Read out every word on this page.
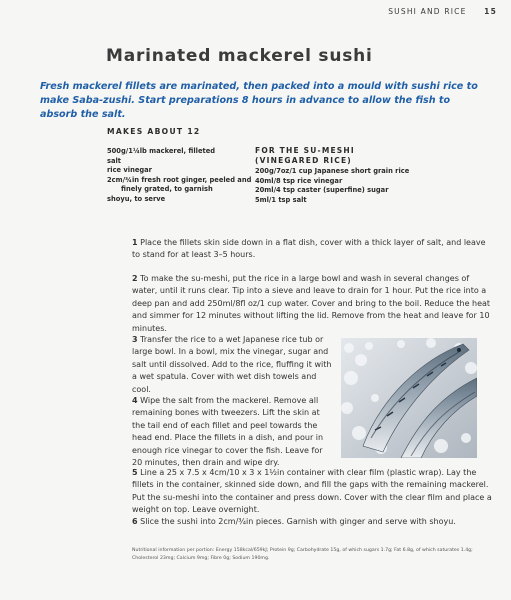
SUSHI AND RICE 15
Marinated mackerel sushi

Fresh mackerel fillets are marinated, then packed into a mould with sushi rice to make Saba-zushi. Start preparations 8 hours in advance to allow the fish to absorb the salt.

MAKES ABOUT 12

500g/1¼lb mackerel, filleted
salt
rice vinegar
2cm/¾in fresh root ginger, peeled and
finely grated, to garnish
shoyu, to serve
FOR THE SU-MESHI
(VINEGARED RICE)
200g/7oz/1 cup Japanese short grain rice
40ml/8 tsp rice vinegar
20ml/4 tsp caster (superfine) sugar
5ml/1 tsp salt

1 Place the fillets skin side down in a flat dish, cover with a thick layer of salt, and leave to stand for at least 3–5 hours.

2 To make the su-meshi, put the rice in a large bowl and wash in several changes of water, until it runs clear. Tip into a sieve and leave to drain for 1 hour. Put the rice into a deep pan and add 250ml/8fl oz/1 cup water. Cover and bring to the boil. Reduce the heat and simmer for 12 minutes without lifting the lid. Remove from the heat and leave for 10 minutes.

3 Transfer the rice to a wet Japanese rice tub or large bowl. In a bowl, mix the vinegar, sugar and salt until dissolved. Add to the rice, fluffing it with a wet spatula. Cover with wet dish towels and cool.

4 Wipe the salt from the mackerel. Remove all remaining bones with tweezers. Lift the skin at the tail end of each fillet and peel towards the head end. Place the fillets in a dish, and pour in enough rice vinegar to cover the fish. Leave for 20 minutes, then drain and wipe dry.

5 Line a 25 x 7.5 x 4cm/10 x 3 x 1½in container with clear film (plastic wrap). Lay the fillets in the container, skinned side down, and fill the gaps with the remaining mackerel. Put the su-meshi into the container and press down. Cover with the clear film and place a weight on top. Leave overnight.

6 Slice the sushi into 2cm/¾in pieces. Garnish with ginger and serve with shoyu.

Nutritional information per portion: Energy 158kcal/659kJ; Protein 9g; Carbohydrate 15g, of which sugars 1.7g; Fat 6.8g, of which saturates 1.4g; Cholesterol 23mg; Calcium 9mg; Fibre 0g; Sodium 190mg.
